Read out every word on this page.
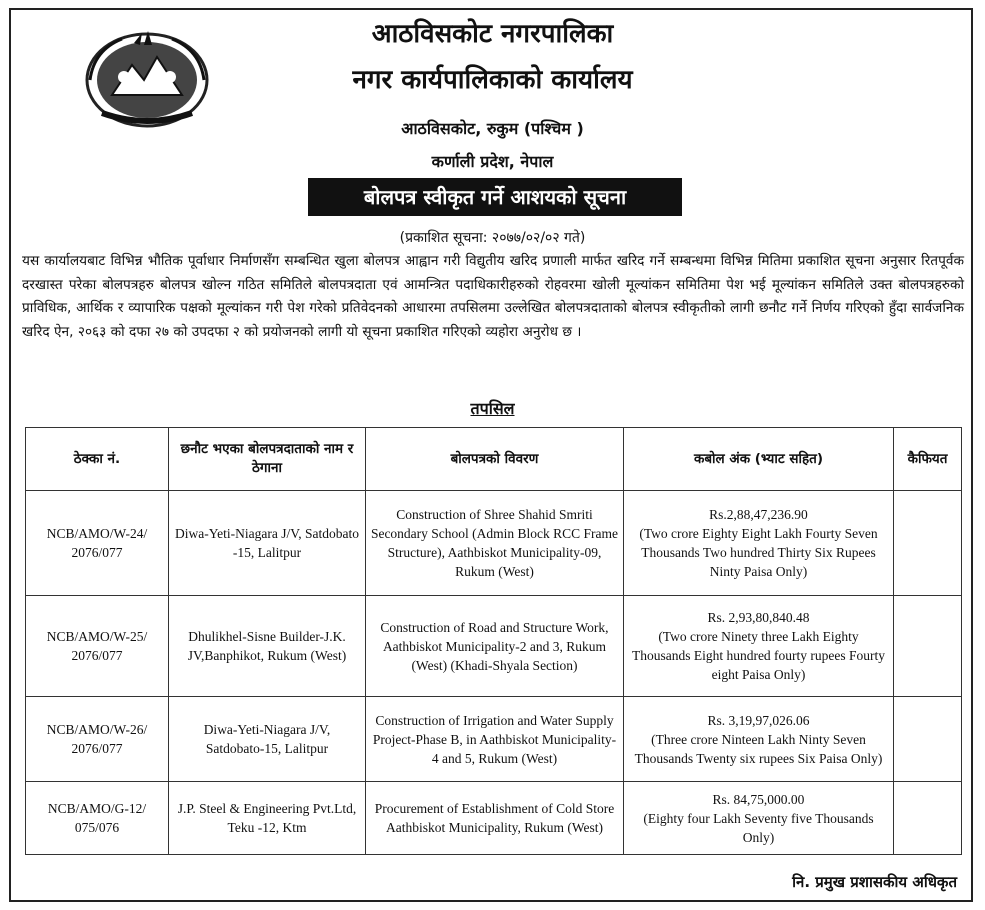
आठविसकोट नगरपालिका
नगर कार्यपालिकाको कार्यालय
आठविसकोट, रुकुम (पश्चिम )
कर्णाली प्रदेश, नेपाल
बोलपत्र स्वीकृत गर्ने आशयको सूचना
(प्रकाशित सूचना: २०७७/०२/०२ गते)
यस कार्यालयबाट विभिन्न भौतिक पूर्वाधार निर्माणसँग सम्बन्धित खुला बोलपत्र आह्वान गरी विद्युतीय खरिद प्रणाली मार्फत खरिद गर्ने सम्बन्धमा विभिन्न मितिमा प्रकाशित सूचना अनुसार रितपूर्वक दरखास्त परेका बोलपत्रहरु बोलपत्र खोल्न गठित समितिले बोलपत्रदाता एवं आमन्त्रित पदाधिकारीहरुको रोहवरमा खोली मूल्यांकन समितिमा पेश भई मूल्यांकन समितिले उक्त बोलपत्रहरुको प्राविधिक, आर्थिक र व्यापारिक पक्षको मूल्यांकन गरी पेश गरेको प्रतिवेदनको आधारमा तपसिलमा उल्लेखित बोलपत्रदाताको बोलपत्र स्वीकृतीको लागी छनौट गर्ने निर्णय गरिएको हुँदा सार्वजनिक खरिद ऐन, २०६३ को दफा २७ को उपदफा २ को प्रयोजनको लागी यो सूचना प्रकाशित गरिएको व्यहोरा अनुरोध छ ।
तपसिल
ठेक्का नं.	छनौट भएका बोलपत्रदाताको नाम र ठेगाना	बोलपत्रको विवरण	कबोल अंक (भ्याट सहित)	कैफियत
NCB/AMO/W-24/ 2076/077	Diwa-Yeti-Niagara J/V, Satdobato -15, Lalitpur	Construction of Shree Shahid Smriti Secondary School (Admin Block RCC Frame Structure), Aathbiskot Municipality-09, Rukum (West)	Rs.2,88,47,236.90
(Two crore Eighty Eight Lakh Fourty Seven Thousands Two hundred Thirty Six Rupees Ninty Paisa Only)	

NCB/AMO/W-25/ 2076/077	Dhulikhel-Sisne Builder-J.K. JV,Banphikot, Rukum (West)	Construction of Road and Structure Work, Aathbiskot Municipality-2 and 3, Rukum (West) (Khadi-Shyala Section)	Rs. 2,93,80,840.48
(Two crore Ninety three Lakh Eighty Thousands Eight hundred fourty rupees Fourty eight Paisa Only)	

NCB/AMO/W-26/ 2076/077	Diwa-Yeti-Niagara J/V, Satdobato-15, Lalitpur	Construction of Irrigation and Water Supply Project-Phase B, in Aathbiskot Municipality-4 and 5, Rukum (West)	Rs. 3,19,97,026.06
(Three crore Ninteen Lakh Ninty Seven Thousands Twenty six rupees Six Paisa Only)	

NCB/AMO/G-12/ 075/076	J.P. Steel & Engineering Pvt.Ltd, Teku -12, Ktm	Procurement of Establishment of Cold Store Aathbiskot Municipality, Rukum (West)	Rs. 84,75,000.00
(Eighty four Lakh Seventy five Thousands Only)	

नि. प्रमुख प्रशासकीय अधिकृत
